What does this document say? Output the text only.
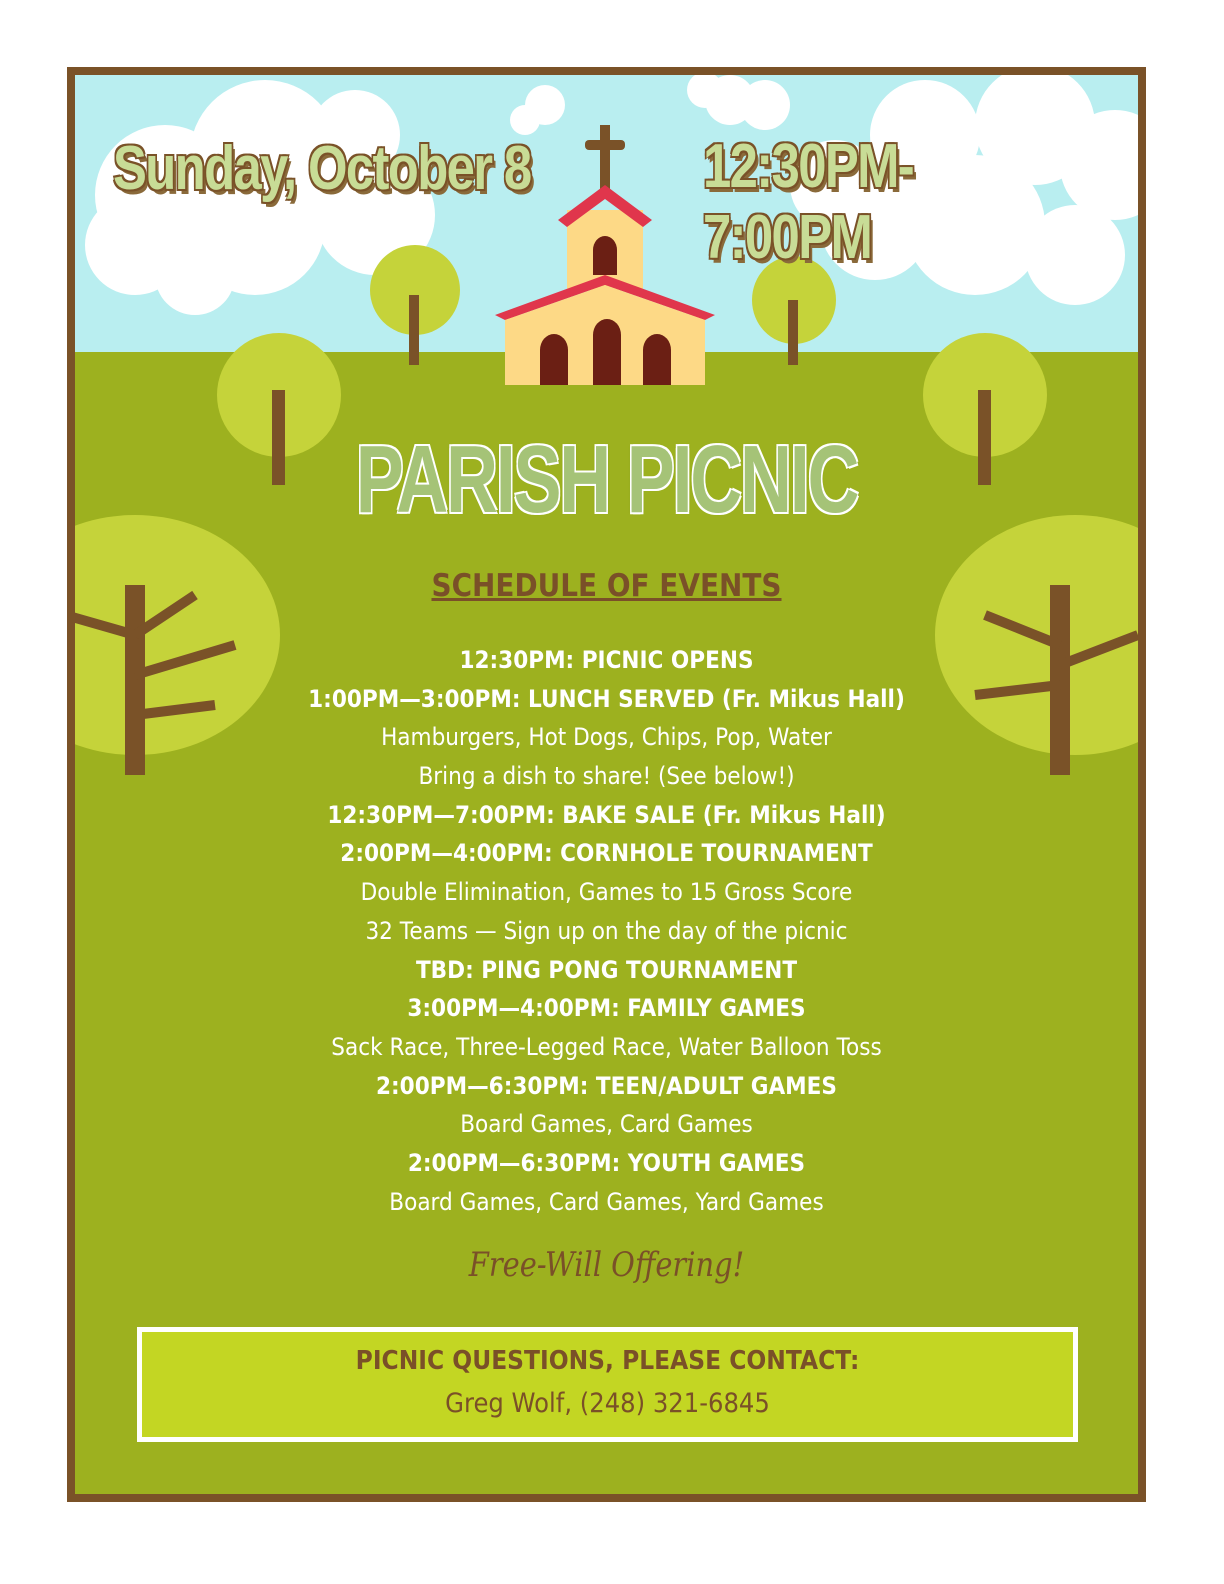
Sunday, October 8	12:30PM-7:00PM
PARISH PICNIC
SCHEDULE OF EVENTS
12:30PM: PICNIC OPENS
1:00PM—3:00PM: LUNCH SERVED (Fr. Mikus Hall)
Hamburgers, Hot Dogs, Chips, Pop, Water
Bring a dish to share! (See below!)
12:30PM—7:00PM: BAKE SALE (Fr. Mikus Hall)
2:00PM—4:00PM: CORNHOLE TOURNAMENT
Double Elimination, Games to 15 Gross Score
32 Teams — Sign up on the day of the picnic
TBD: PING PONG TOURNAMENT
3:00PM—4:00PM: FAMILY GAMES
Sack Race, Three-Legged Race, Water Balloon Toss
2:00PM—6:30PM: TEEN/ADULT GAMES
Board Games, Card Games
2:00PM—6:30PM: YOUTH GAMES
Board Games, Card Games, Yard Games
Free-Will Offering!
PICNIC QUESTIONS, PLEASE CONTACT:
Greg Wolf, (248) 321-6845
